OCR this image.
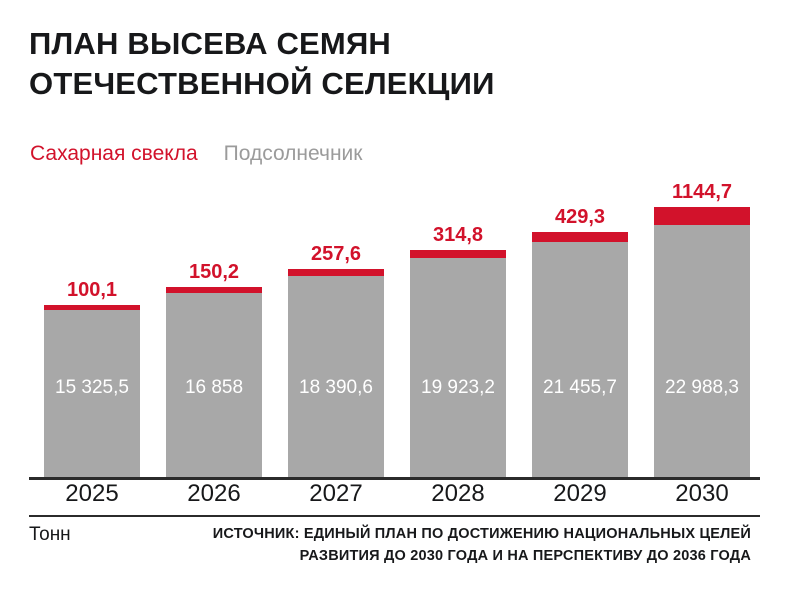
ПЛАН ВЫСЕВА СЕМЯН
ОТЕЧЕСТВЕННОЙ СЕЛЕКЦИИ
Сахарная свекла Подсолнечник
100,1
15 325,5
150,2
16 858
257,6
18 390,6
314,8
19 923,2
429,3
21 455,7
1144,7
22 988,3
2025	2026	2027	2028	2029	2030
Тонн	ИСТОЧНИК: ЕДИНЫЙ ПЛАН ПО ДОСТИЖЕНИЮ НАЦИОНАЛЬНЫХ ЦЕЛЕЙ
РАЗВИТИЯ ДО 2030 ГОДА И НА ПЕРСПЕКТИВУ ДО 2036 ГОДА
